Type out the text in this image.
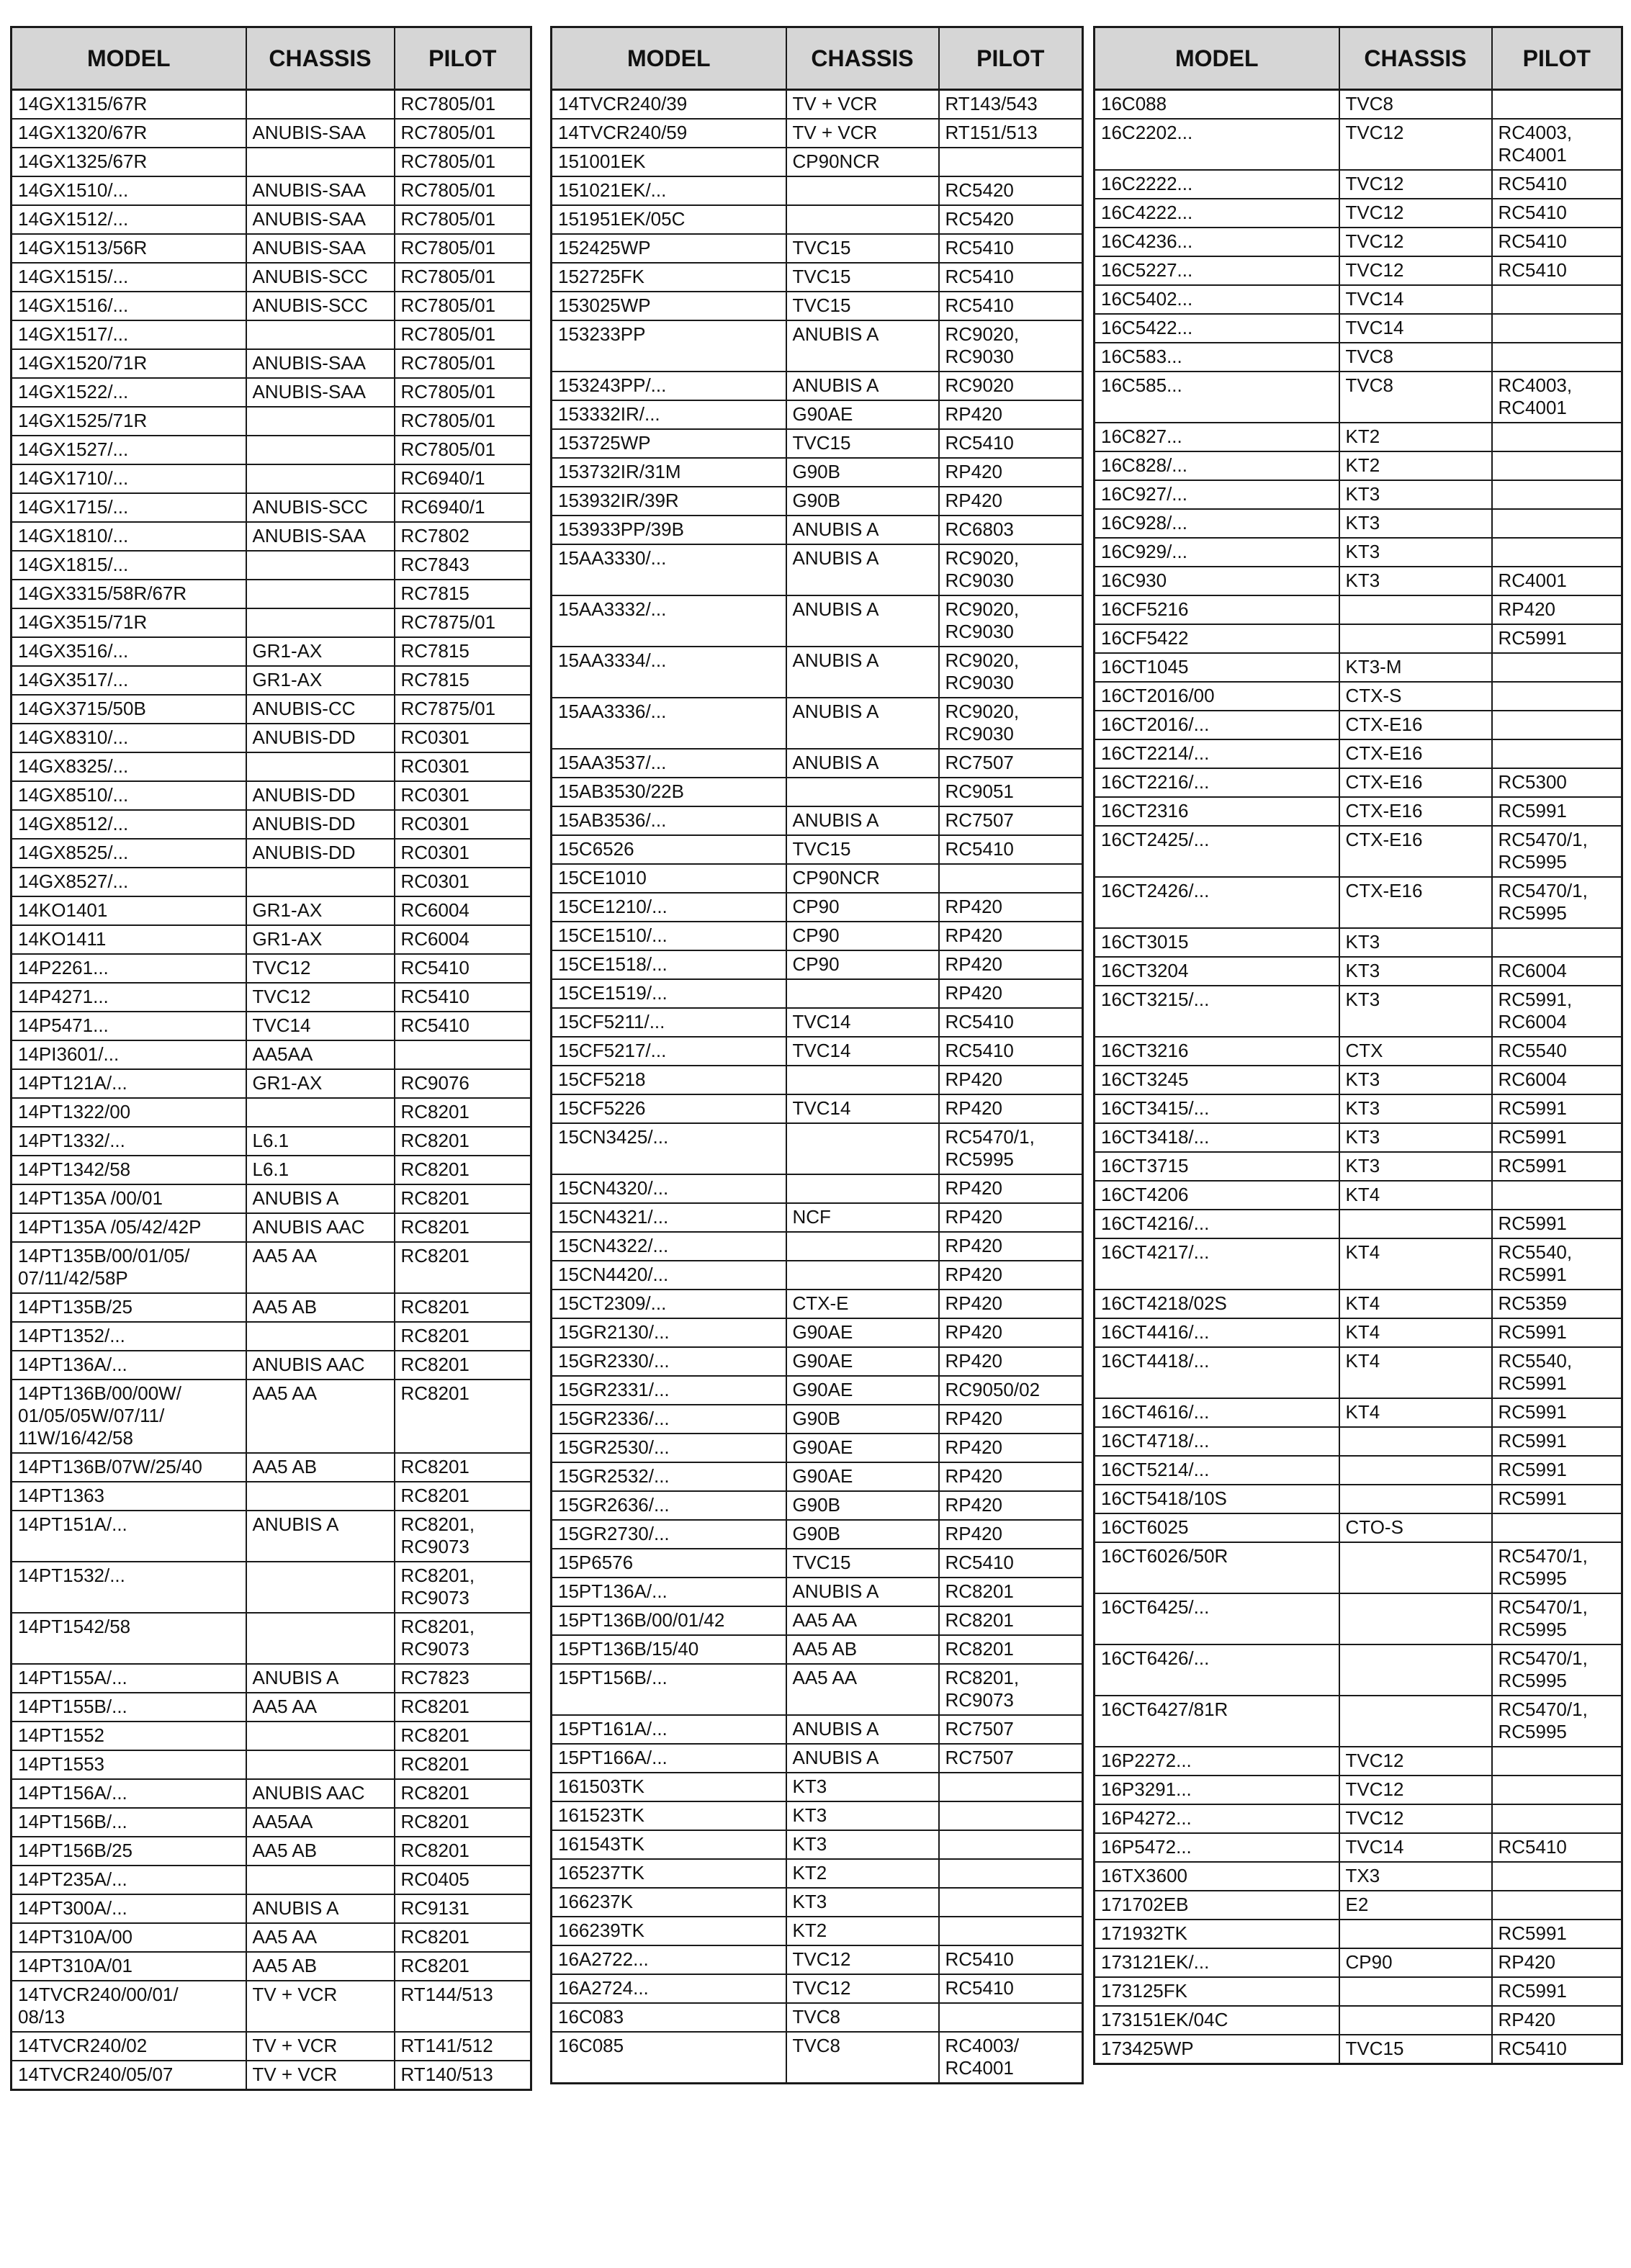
MODEL	CHASSIS	PILOT
14GX1315/67R		RC7805/01
14GX1320/67R	ANUBIS-SAA	RC7805/01
14GX1325/67R		RC7805/01
14GX1510/...	ANUBIS-SAA	RC7805/01
14GX1512/...	ANUBIS-SAA	RC7805/01
14GX1513/56R	ANUBIS-SAA	RC7805/01
14GX1515/...	ANUBIS-SCC	RC7805/01
14GX1516/...	ANUBIS-SCC	RC7805/01
14GX1517/...		RC7805/01
14GX1520/71R	ANUBIS-SAA	RC7805/01
14GX1522/...	ANUBIS-SAA	RC7805/01
14GX1525/71R		RC7805/01
14GX1527/...		RC7805/01
14GX1710/...		RC6940/1
14GX1715/...	ANUBIS-SCC	RC6940/1
14GX1810/...	ANUBIS-SAA	RC7802
14GX1815/...		RC7843
14GX3315/58R/67R		RC7815
14GX3515/71R		RC7875/01
14GX3516/...	GR1-AX	RC7815
14GX3517/...	GR1-AX	RC7815
14GX3715/50B	ANUBIS-CC	RC7875/01
14GX8310/...	ANUBIS-DD	RC0301
14GX8325/...		RC0301
14GX8510/...	ANUBIS-DD	RC0301
14GX8512/...	ANUBIS-DD	RC0301
14GX8525/...	ANUBIS-DD	RC0301
14GX8527/...		RC0301
14KO1401	GR1-AX	RC6004
14KO1411	GR1-AX	RC6004
14P2261...	TVC12	RC5410
14P4271...	TVC12	RC5410
14P5471...	TVC14	RC5410
14PI3601/...	AA5AA	
14PT121A/...	GR1-AX	RC9076
14PT1322/00		RC8201
14PT1332/...	L6.1	RC8201
14PT1342/58	L6.1	RC8201
14PT135A /00/01	ANUBIS A	RC8201
14PT135A /05/42/42P	ANUBIS AAC	RC8201
14PT135B/00/01/05/
07/11/42/58P	AA5 AA	RC8201
14PT135B/25	AA5 AB	RC8201
14PT1352/...		RC8201
14PT136A/...	ANUBIS AAC	RC8201
14PT136B/00/00W/
01/05/05W/07/11/
11W/16/42/58	AA5 AA	RC8201
14PT136B/07W/25/40	AA5 AB	RC8201
14PT1363		RC8201
14PT151A/...	ANUBIS A	RC8201,
RC9073
14PT1532/...		RC8201,
RC9073
14PT1542/58		RC8201,
RC9073
14PT155A/...	ANUBIS A	RC7823
14PT155B/...	AA5 AA	RC8201
14PT1552		RC8201
14PT1553		RC8201
14PT156A/...	ANUBIS AAC	RC8201
14PT156B/...	AA5AA	RC8201
14PT156B/25	AA5 AB	RC8201
14PT235A/...		RC0405
14PT300A/...	ANUBIS A	RC9131
14PT310A/00	AA5 AA	RC8201
14PT310A/01	AA5 AB	RC8201
14TVCR240/00/01/
08/13	TV + VCR	RT144/513
14TVCR240/02	TV + VCR	RT141/512
14TVCR240/05/07	TV + VCR	RT140/513
MODEL	CHASSIS	PILOT
14TVCR240/39	TV + VCR	RT143/543
14TVCR240/59	TV + VCR	RT151/513
151001EK	CP90NCR	
151021EK/...		RC5420
151951EK/05C		RC5420
152425WP	TVC15	RC5410
152725FK	TVC15	RC5410
153025WP	TVC15	RC5410
153233PP	ANUBIS A	RC9020,
RC9030
153243PP/...	ANUBIS A	RC9020
153332IR/...	G90AE	RP420
153725WP	TVC15	RC5410
153732IR/31M	G90B	RP420
153932IR/39R	G90B	RP420
153933PP/39B	ANUBIS A	RC6803
15AA3330/...	ANUBIS A	RC9020,
RC9030
15AA3332/...	ANUBIS A	RC9020,
RC9030
15AA3334/...	ANUBIS A	RC9020,
RC9030
15AA3336/...	ANUBIS A	RC9020,
RC9030
15AA3537/...	ANUBIS A	RC7507
15AB3530/22B		RC9051
15AB3536/...	ANUBIS A	RC7507
15C6526	TVC15	RC5410
15CE1010	CP90NCR	
15CE1210/...	CP90	RP420
15CE1510/...	CP90	RP420
15CE1518/...	CP90	RP420
15CE1519/...		RP420
15CF5211/...	TVC14	RC5410
15CF5217/...	TVC14	RC5410
15CF5218		RP420
15CF5226	TVC14	RP420
15CN3425/...		RC5470/1,
RC5995
15CN4320/...		RP420
15CN4321/...	NCF	RP420
15CN4322/...		RP420
15CN4420/...		RP420
15CT2309/...	CTX-E	RP420
15GR2130/...	G90AE	RP420
15GR2330/...	G90AE	RP420
15GR2331/...	G90AE	RC9050/02
15GR2336/...	G90B	RP420
15GR2530/...	G90AE	RP420
15GR2532/...	G90AE	RP420
15GR2636/...	G90B	RP420
15GR2730/...	G90B	RP420
15P6576	TVC15	RC5410
15PT136A/...	ANUBIS A	RC8201
15PT136B/00/01/42	AA5 AA	RC8201
15PT136B/15/40	AA5 AB	RC8201
15PT156B/...	AA5 AA	RC8201,
RC9073
15PT161A/...	ANUBIS A	RC7507
15PT166A/...	ANUBIS A	RC7507
161503TK	KT3	
161523TK	KT3	
161543TK	KT3	
165237TK	KT2	
166237K	KT3	
166239TK	KT2	
16A2722...	TVC12	RC5410
16A2724...	TVC12	RC5410
16C083	TVC8	
16C085	TVC8	RC4003/
RC4001
MODEL	CHASSIS	PILOT
16C088	TVC8	
16C2202...	TVC12	RC4003,
RC4001
16C2222...	TVC12	RC5410
16C4222...	TVC12	RC5410
16C4236...	TVC12	RC5410
16C5227...	TVC12	RC5410
16C5402...	TVC14	
16C5422...	TVC14	
16C583...	TVC8	
16C585...	TVC8	RC4003,
RC4001
16C827...	KT2	
16C828/...	KT2	
16C927/...	KT3	
16C928/...	KT3	
16C929/...	KT3	
16C930	KT3	RC4001
16CF5216		RP420
16CF5422		RC5991
16CT1045	KT3-M	
16CT2016/00	CTX-S	
16CT2016/...	CTX-E16	
16CT2214/...	CTX-E16	
16CT2216/...	CTX-E16	RC5300
16CT2316	CTX-E16	RC5991
16CT2425/...	CTX-E16	RC5470/1,
RC5995
16CT2426/...	CTX-E16	RC5470/1,
RC5995
16CT3015	KT3	
16CT3204	KT3	RC6004
16CT3215/...	KT3	RC5991,
RC6004
16CT3216	CTX	RC5540
16CT3245	KT3	RC6004
16CT3415/...	KT3	RC5991
16CT3418/...	KT3	RC5991
16CT3715	KT3	RC5991
16CT4206	KT4	
16CT4216/...		RC5991
16CT4217/...	KT4	RC5540,
RC5991
16CT4218/02S	KT4	RC5359
16CT4416/...	KT4	RC5991
16CT4418/...	KT4	RC5540,
RC5991
16CT4616/...	KT4	RC5991
16CT4718/...		RC5991
16CT5214/...		RC5991
16CT5418/10S		RC5991
16CT6025	CTO-S	
16CT6026/50R		RC5470/1,
RC5995
16CT6425/...		RC5470/1,
RC5995
16CT6426/...		RC5470/1,
RC5995
16CT6427/81R		RC5470/1,
RC5995
16P2272...	TVC12	
16P3291...	TVC12	
16P4272...	TVC12	
16P5472...	TVC14	RC5410
16TX3600	TX3	
171702EB	E2	
171932TK		RC5991
173121EK/...	CP90	RP420
173125FK		RC5991
173151EK/04C		RP420
173425WP	TVC15	RC5410
